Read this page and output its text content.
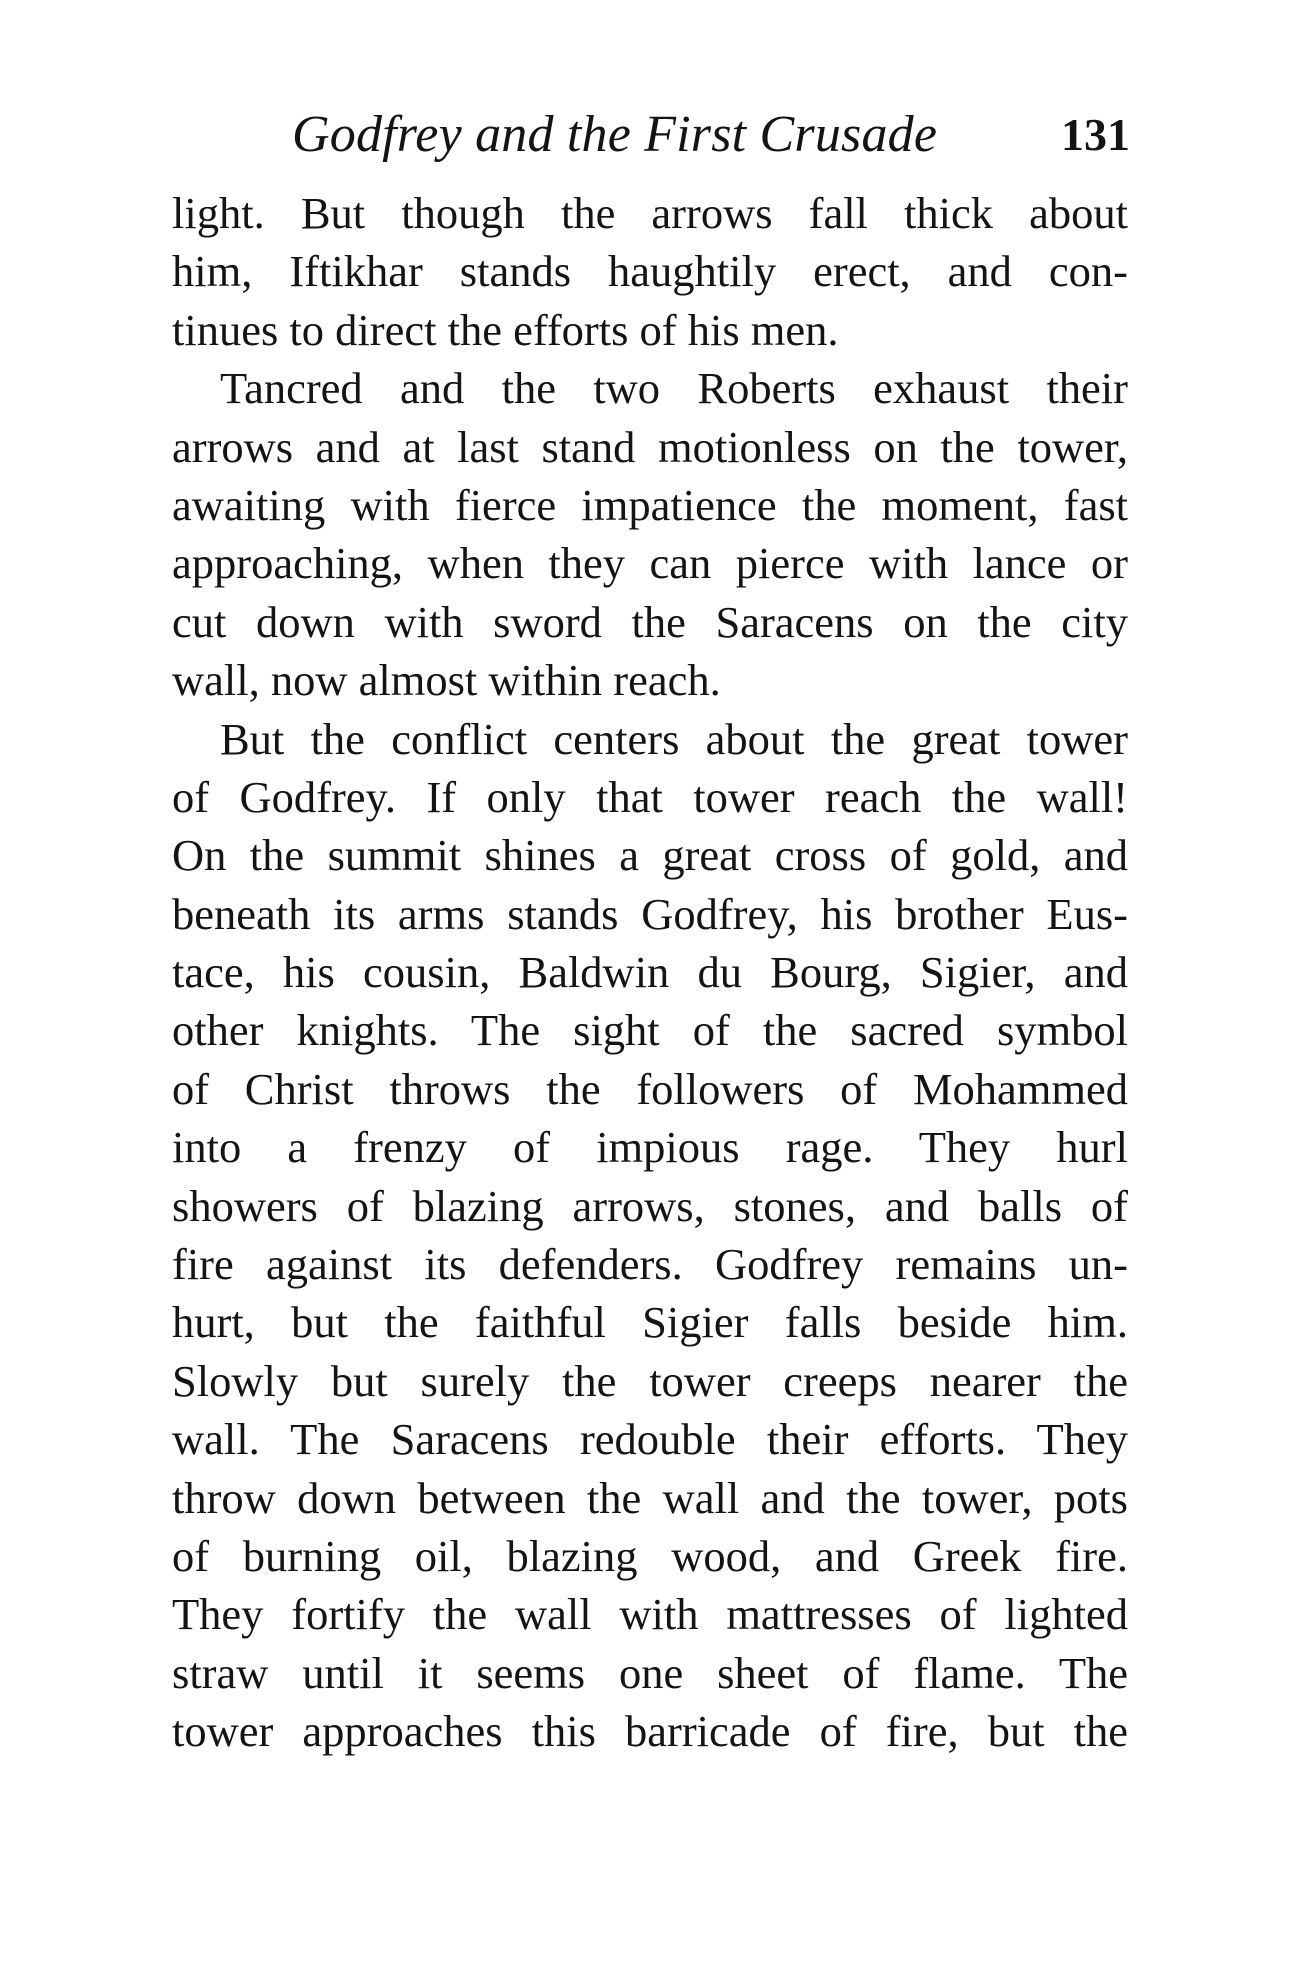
Godfrey and the First Crusade	131
light. But though the arrows fall thick about
him, Iftikhar stands haughtily erect, and con-
tinues to direct the efforts of his men.
Tancred and the two Roberts exhaust their
arrows and at last stand motionless on the tower,
awaiting with fierce impatience the moment, fast
approaching, when they can pierce with lance or
cut down with sword the Saracens on the city
wall, now almost within reach.
But the conflict centers about the great tower
of Godfrey. If only that tower reach the wall!
On the summit shines a great cross of gold, and
beneath its arms stands Godfrey, his brother Eus-
tace, his cousin, Baldwin du Bourg, Sigier, and
other knights. The sight of the sacred symbol
of Christ throws the followers of Mohammed
into a frenzy of impious rage. They hurl
showers of blazing arrows, stones, and balls of
fire against its defenders. Godfrey remains un-
hurt, but the faithful Sigier falls beside him.
Slowly but surely the tower creeps nearer the
wall. The Saracens redouble their efforts. They
throw down between the wall and the tower, pots
of burning oil, blazing wood, and Greek fire.
They fortify the wall with mattresses of lighted
straw until it seems one sheet of flame. The
tower approaches this barricade of fire, but the
